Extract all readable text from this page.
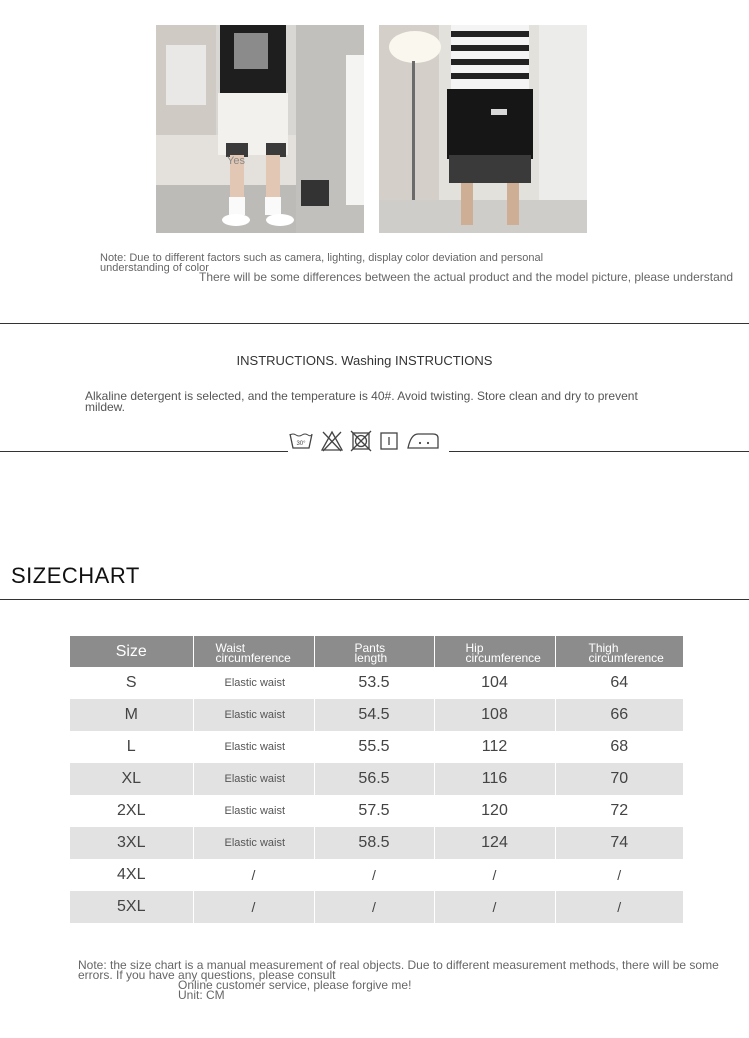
Yes
Note: Due to different factors such as camera, lighting, display color deviation and personal understanding of color
There will be some differences between the actual product and the model picture, please understand
INSTRUCTIONS. Washing INSTRUCTIONS
Alkaline detergent is selected, and the temperature is 40#. Avoid twisting. Store clean and dry to prevent mildew.
30°
SIZECHART
Size	Waist circumference	Pants length	Hip circumference	Thigh circumference

S	Elastic waist	53.5	104	64
M	Elastic waist	54.5	108	66
L	Elastic waist	55.5	112	68
XL	Elastic waist	56.5	116	70
2XL	Elastic waist	57.5	120	72
3XL	Elastic waist	58.5	124	74
4XL	/	/	/	/
5XL	/	/	/	/
Note: the size chart is a manual measurement of real objects. Due to different measurement methods, there will be some errors. If you have any questions, please consult
Online customer service, please forgive me!
Unit: CM
